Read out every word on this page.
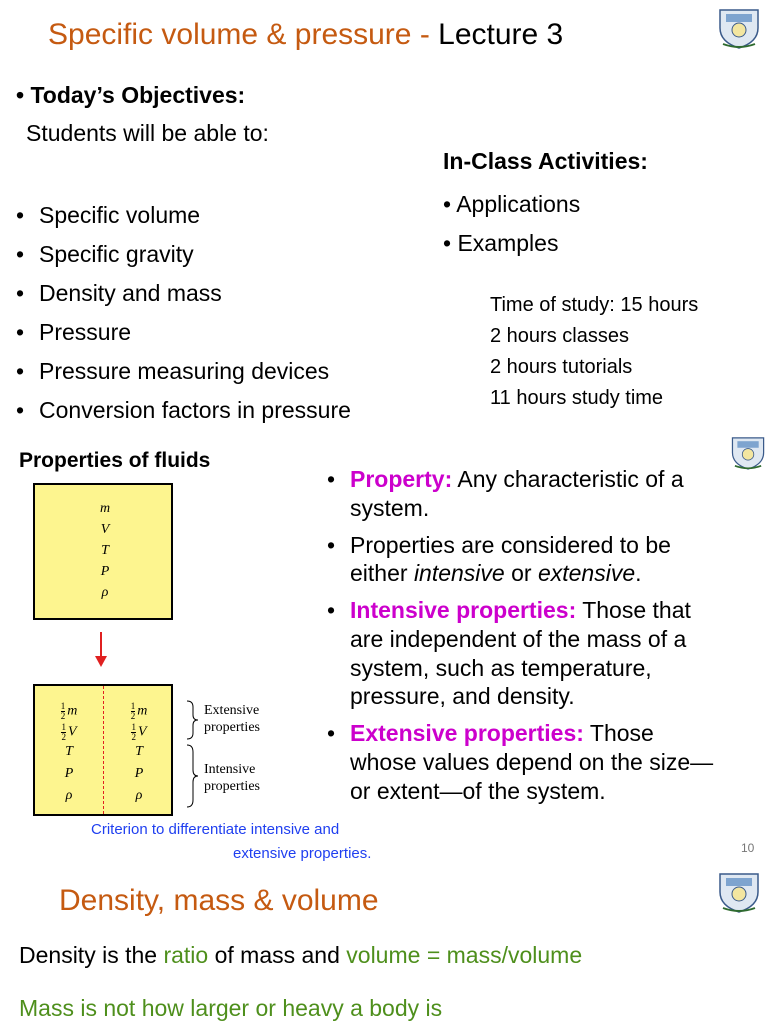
Specific volume & pressure - Lecture 3
• Today’s Objectives:
Students will be able to:
• Specific volume
• Specific gravity
• Density and mass
• Pressure
• Pressure measuring devices
• Conversion factors in pressure
In-Class Activities:
• Applications
• Examples
Time of study: 15 hours
2 hours classes
2 hours tutorials
11 hours study time
Properties of fluids
m
V
T
P
ρ
$\frac{1}{2}$ m
$\frac{1}{2}$ V
T
P
ρ
$\frac{1}{2}$ m
$\frac{1}{2}$ V
T
P
ρ
Extensive
properties
Intensive
properties
Criterion to differentiate intensive and
extensive properties.
• Property: Any characteristic of a system.
• Properties are considered to be either intensive or extensive.
• Intensive properties: Those that are independent of the mass of a system, such as temperature, pressure, and density.
• Extensive properties: Those whose values depend on the size—or extent—of the system.
10
Density, mass & volume
Density is the ratio of mass and volume = mass/volume
Mass is not how larger or heavy a body is
